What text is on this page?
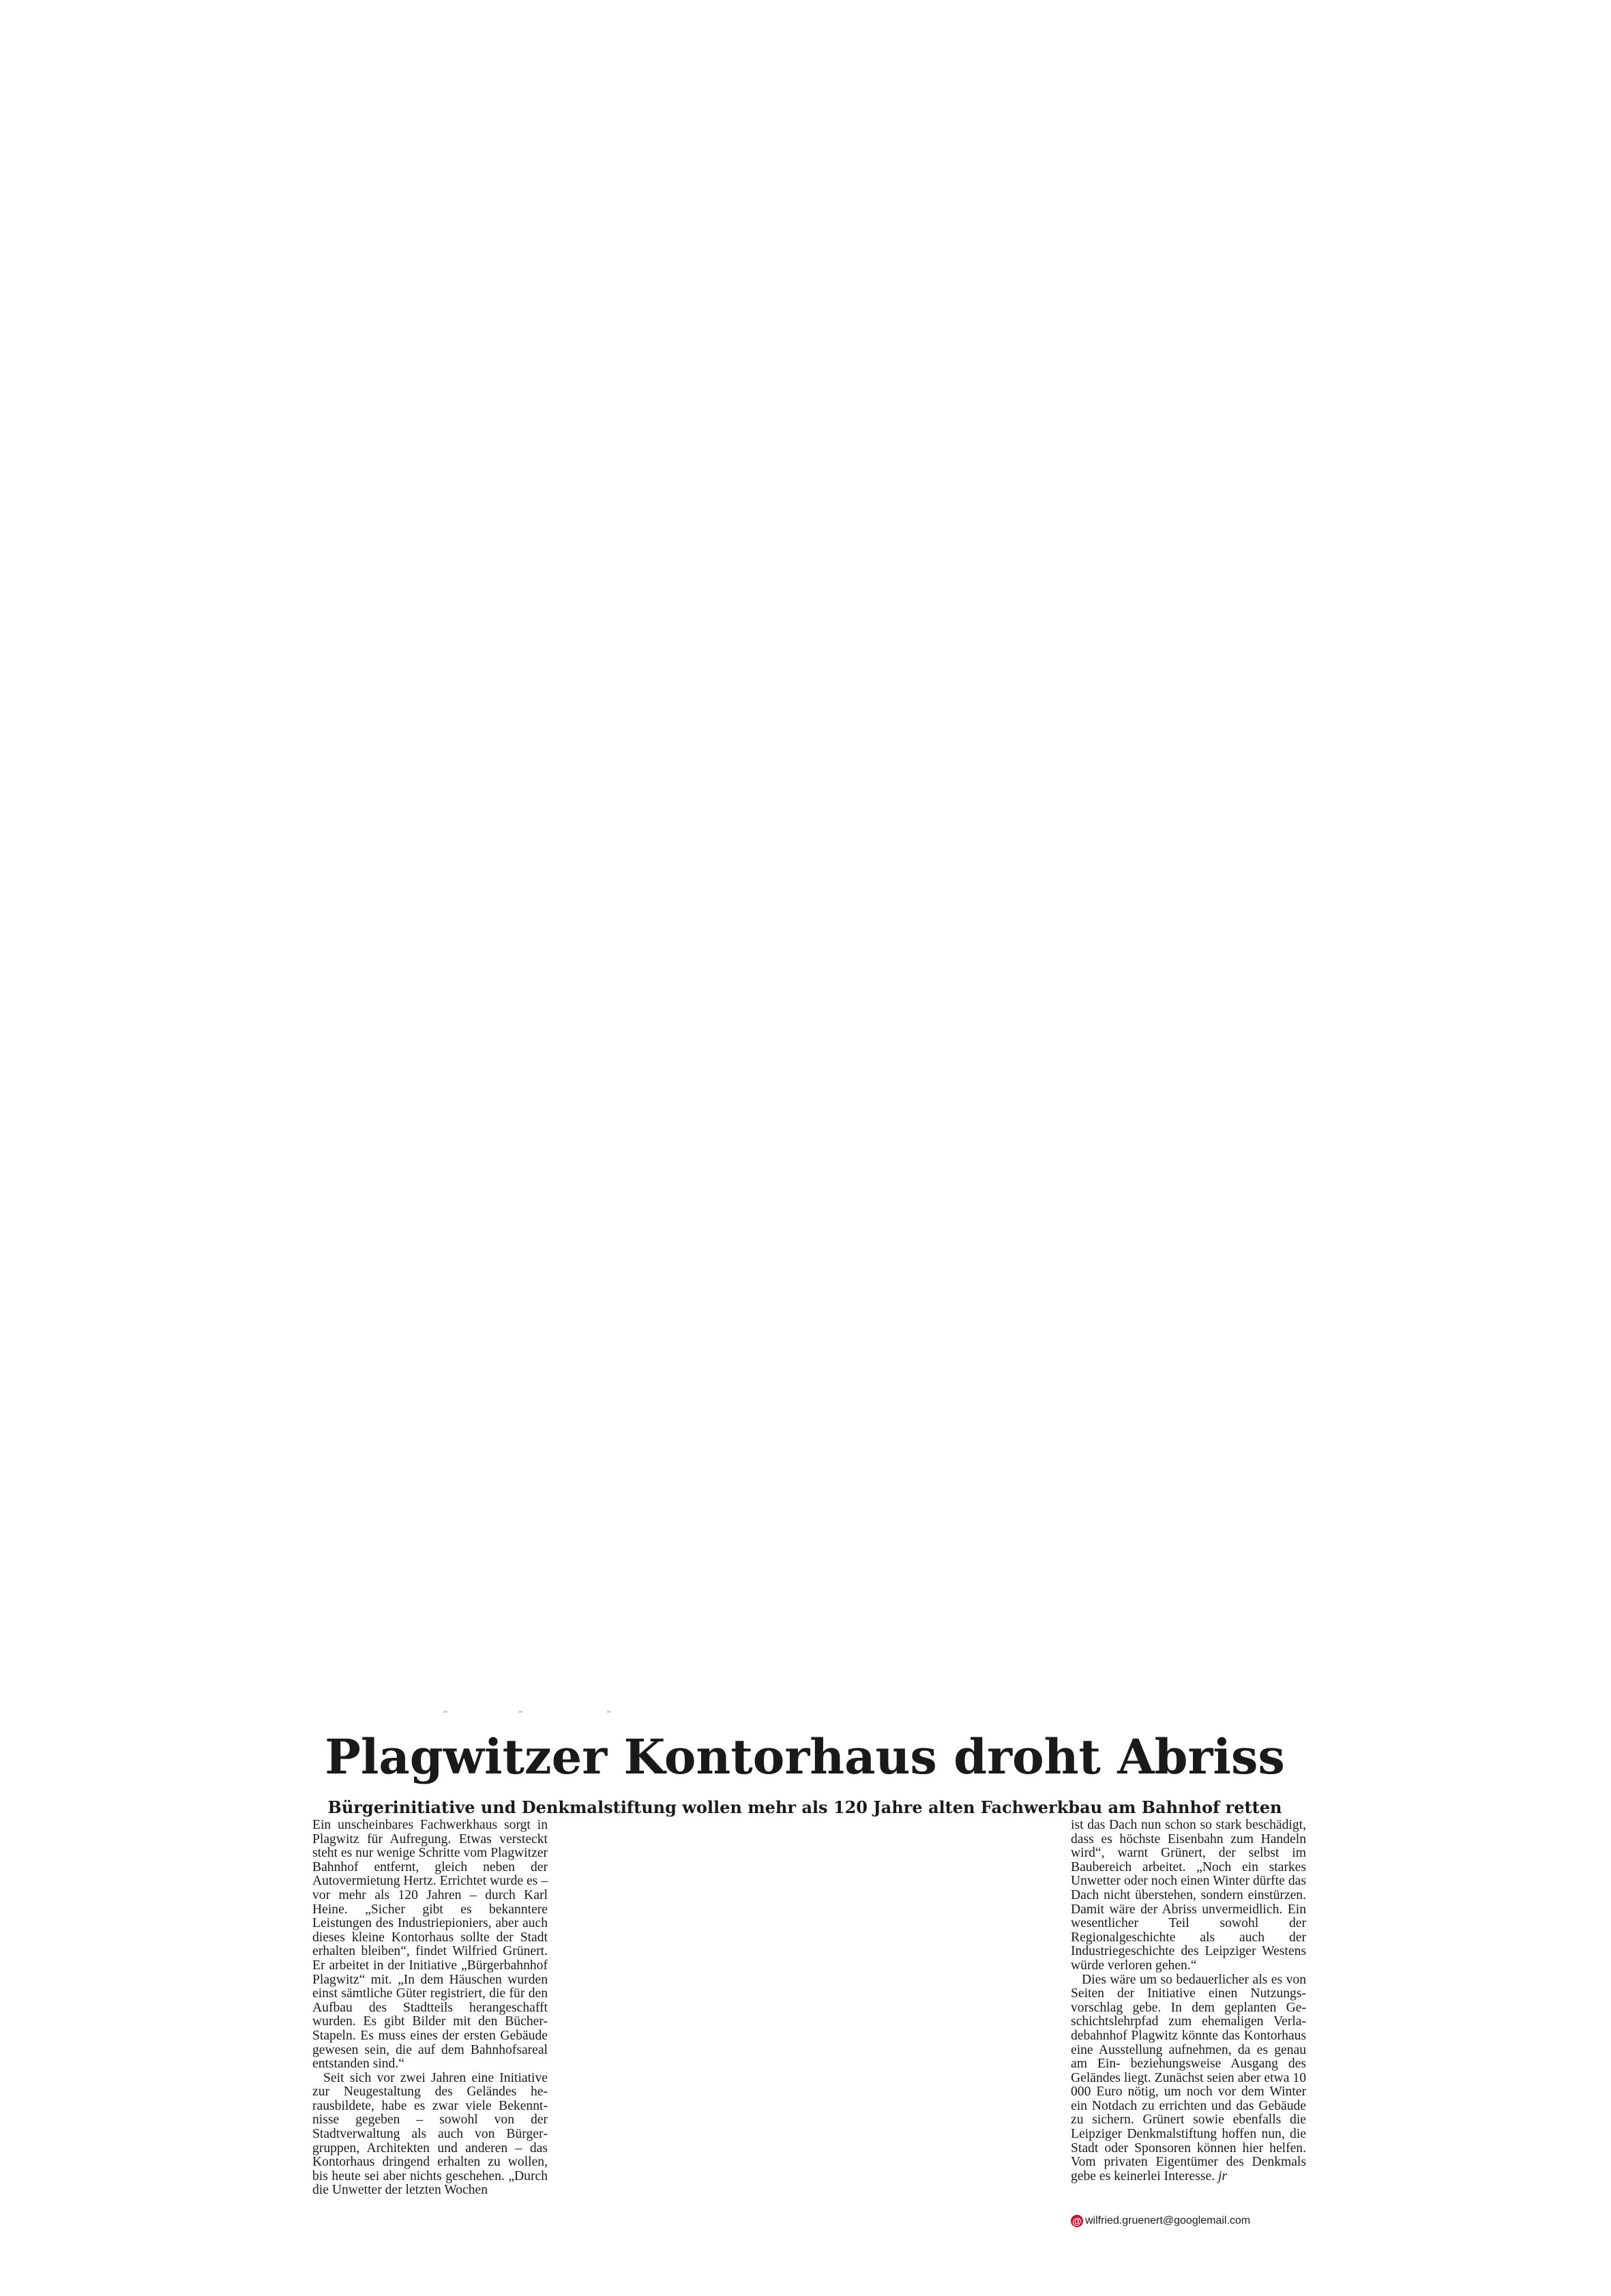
Plagwitzer Kontorhaus droht Abriss
Bürgerinitiative und Denkmalstiftung wollen mehr als 120 Jahre alten Fachwerkbau am Bahnhof retten

Ein unscheinbares Fachwerkhaus sorgt in Plagwitz für Aufregung. Etwas versteckt steht es nur wenige Schritte vom Plagwitzer Bahnhof entfernt, gleich neben der Autovermietung Hertz. Errichtet wurde es – vor mehr als 120 Jahren – durch Karl Heine. „Sicher gibt es bekanntere Leistungen des Industriepioniers, aber auch dieses kleine Kontorhaus sollte der Stadt erhalten bleiben“, findet Wilfried Grünert. Er arbeitet in der Initiative „Bürgerbahnhof Plagwitz“ mit. „In dem Häuschen wurden einst sämtliche Güter registriert, die für den Aufbau des Stadtteils herangeschafft wurden. Es gibt Bilder mit den Bücher-Stapeln. Es muss eines der ersten Gebäude gewesen sein, die auf dem Bahnhofsareal entstanden sind.“

Seit sich vor zwei Jahren eine Initiative zur Neugestaltung des Geländes herausbildete, habe es zwar viele Bekenntnisse gegeben – sowohl von der Stadtverwaltung als auch von Bürgergruppen, Architekten und anderen – das Kontorhaus dringend erhalten zu wollen, bis heute sei aber nichts geschehen. „Durch die Unwetter der letzten Wochen

ist das Dach nun schon so stark beschädigt, dass es höchste Eisenbahn zum Handeln wird“, warnt Grünert, der selbst im Baubereich arbeitet. „Noch ein starkes Unwetter oder noch einen Winter dürfte das Dach nicht überstehen, sondern einstürzen. Damit wäre der Abriss unvermeidlich. Ein wesentlicher Teil sowohl der Regionalgeschichte als auch der Industriegeschichte des Leipziger Westens würde verloren gehen.“

Dies wäre um so bedauerlicher als es von Seiten der Initiative einen Nutzungsvorschlag gebe. In dem geplanten Geschichtslehrpfad zum ehemaligen Verladebahnhof Plagwitz könnte das Kontorhaus eine Ausstellung aufnehmen, da es genau am Ein- beziehungsweise Ausgang des Geländes liegt. Zunächst seien aber etwa 10 000 Euro nötig, um noch vor dem Winter ein Notdach zu errichten und das Gebäude zu sichern. Grünert sowie ebenfalls die Leipziger Denkmalstiftung hoffen nun, die Stadt oder Sponsoren können hier helfen. Vom privaten Eigentümer des Denkmals gebe es keinerlei Interesse. jr

@ wilfried.gruenert@googlemail.com
